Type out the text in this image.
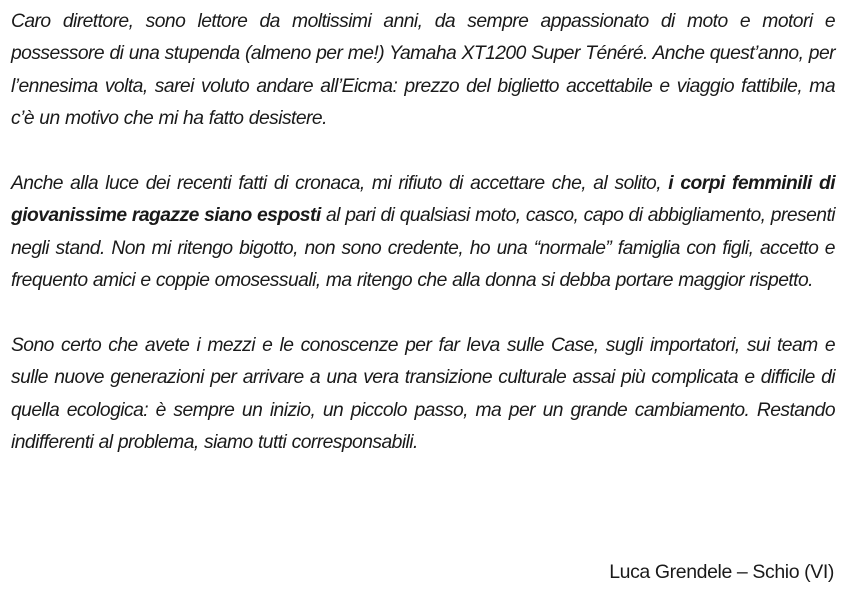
Caro direttore, sono lettore da moltissimi anni, da sempre appassionato di moto e motori e possessore di una stupenda (almeno per me!) Yamaha XT1200 Super Ténéré. Anche quest’anno, per l’ennesima volta, sarei voluto andare all’Eicma: prezzo del biglietto accettabile e viaggio fattibile, ma c’è un motivo che mi ha fatto desistere.

Anche alla luce dei recenti fatti di cronaca, mi rifiuto di accettare che, al solito, i corpi femminili di giovanissime ragazze siano esposti al pari di qualsiasi moto, casco, capo di abbigliamento, presenti negli stand. Non mi ritengo bigotto, non sono credente, ho una “normale” famiglia con figli, accetto e frequento amici e coppie omosessuali, ma ritengo che alla donna si debba portare maggior rispetto.

Sono certo che avete i mezzi e le conoscenze per far leva sulle Case, sugli importatori, sui team e sulle nuove generazioni per arrivare a una vera transizione culturale assai più complicata e difficile di quella ecologica: è sempre un inizio, un piccolo passo, ma per un grande cambiamento. Restando indifferenti al problema, siamo tutti corresponsabili.

Luca Grendele – Schio (VI)
